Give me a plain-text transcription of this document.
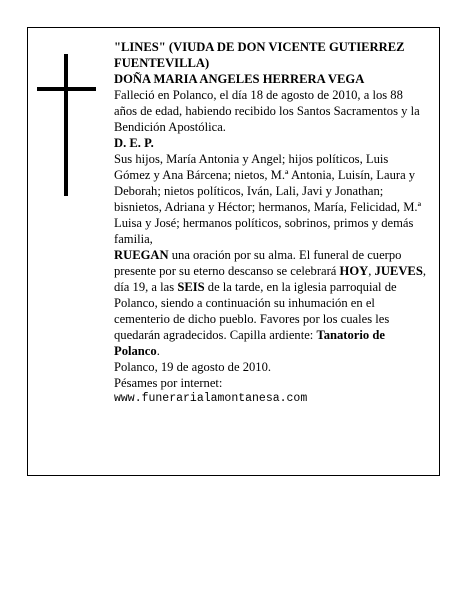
"LINES" (VIUDA DE DON VICENTE GUTIERREZ FUENTEVILLA)

DOÑA MARIA ANGELES HERRERA VEGA

Falleció en Polanco, el día 18 de agosto de 2010, a los 88 años de edad, habiendo recibido los Santos Sacramentos y la Bendición Apostólica.

D. E. P.

Sus hijos, María Antonia y Angel; hijos políticos, Luis Gómez y Ana Bárcena; nietos, M.ª Antonia, Luisín, Laura y Deborah; nietos políticos, Iván, Lali, Javi y Jonathan; bisnietos, Adriana y Héctor; hermanos, María, Felicidad, M.ª Luisa y José; hermanos políticos, sobrinos, primos y demás familia,

RUEGAN una oración por su alma. El funeral de cuerpo presente por su eterno descanso se celebrará HOY, JUEVES, día 19, a las SEIS de la tarde, en la iglesia parroquial de Polanco, siendo a continuación su inhumación en el cementerio de dicho pueblo. Favores por los cuales les quedarán agradecidos. Capilla ardiente: Tanatorio de Polanco.

Polanco, 19 de agosto de 2010.

Pésames por internet:

www.funerarialamontanesa.com
